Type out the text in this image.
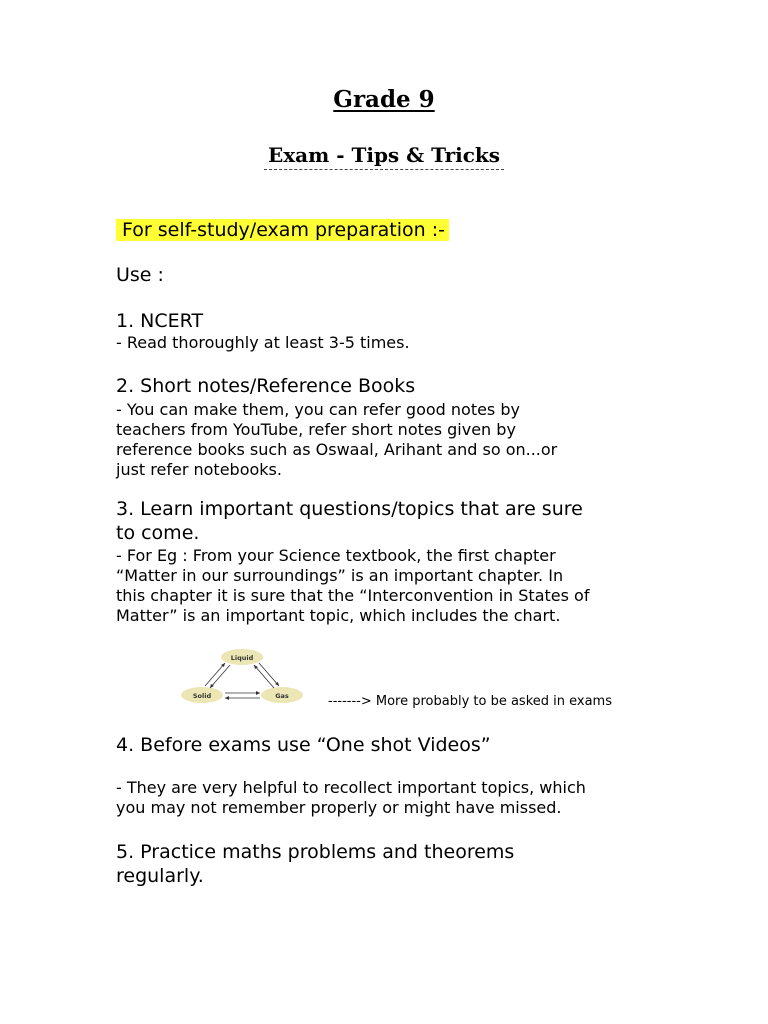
Grade 9
Exam - Tips & Tricks
For self-study/exam preparation :-
Use :
1. NCERT
- Read thoroughly at least 3-5 times.
2. Short notes/Reference Books
- You can make them, you can refer good notes by
teachers from YouTube, refer short notes given by
reference books such as Oswaal, Arihant and so on...or
just refer notebooks.
3. Learn important questions/topics that are sure
to come.
- For Eg : From your Science textbook, the first chapter
“Matter in our surroundings” is an important chapter. In
this chapter it is sure that the “Interconvention in States of
Matter” is an important topic, which includes the chart.
Liquid
Solid	Gas	-------> More probably to be asked in exams
4. Before exams use “One shot Videos”
- They are very helpful to recollect important topics, which
you may not remember properly or might have missed.
5. Practice maths problems and theorems
regularly.
